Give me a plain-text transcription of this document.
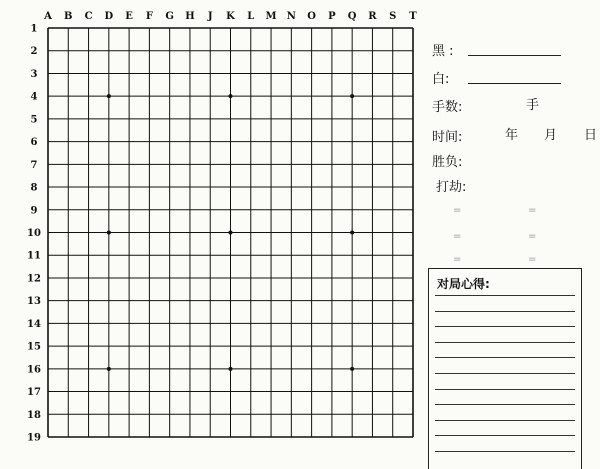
A B C D E F G H J K L M N O P Q R S T
1
2
3
4
5
6
7
8
9
10
11
12
13
14
15
16
17
18
19
黑 :
白:
手数:	手
时间:	年 月 日
胜负:
打劫:
=	=
=	=
=	=
对局心得:
